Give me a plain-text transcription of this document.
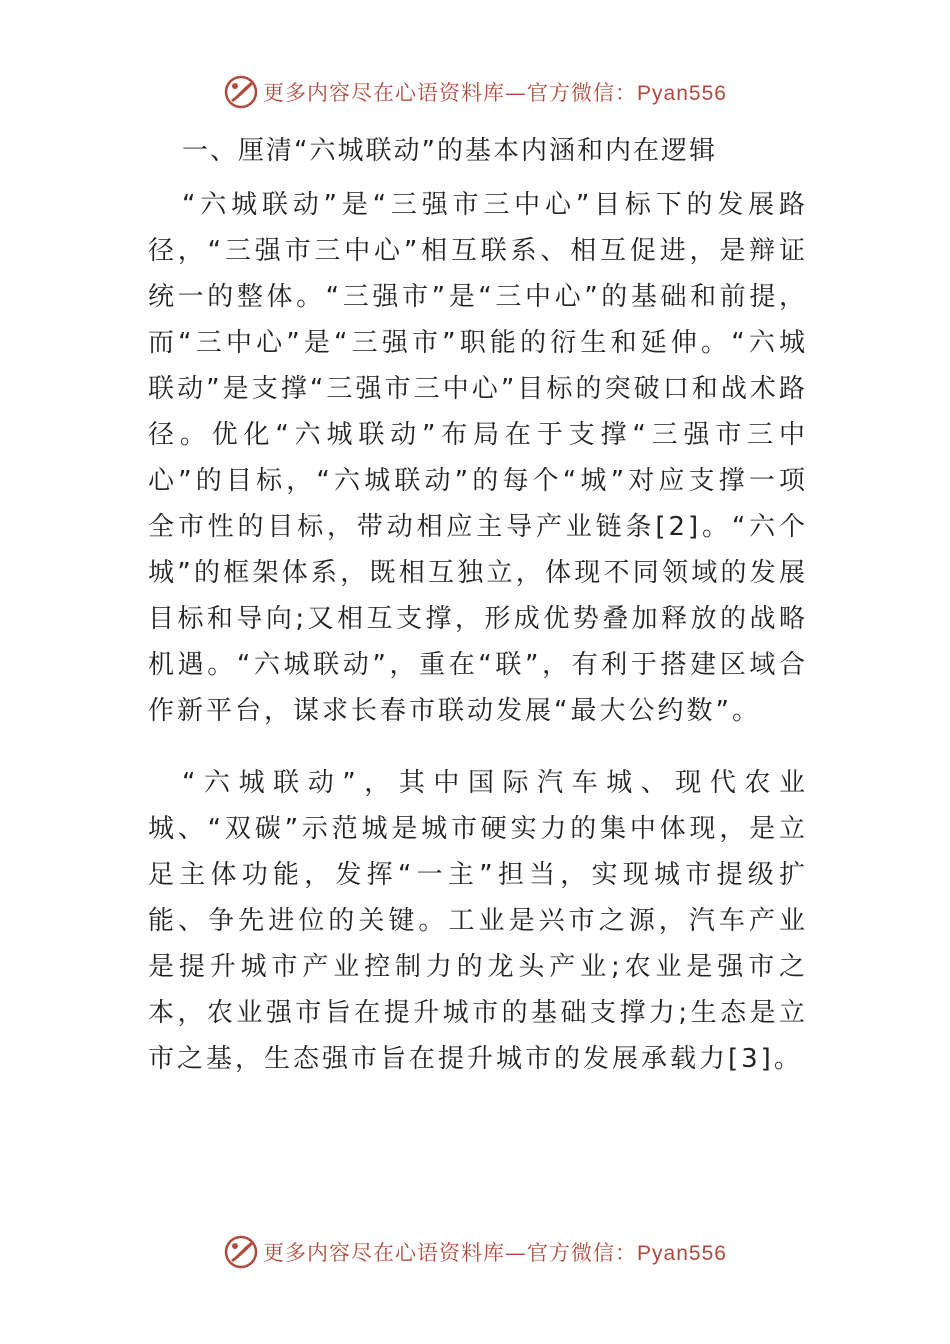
更多内容尽在心语资料库—官方微信：Pyan556

一、厘清“六城联动”的基本内涵和内在逻辑

“六城联动”是“三强市三中心”目标下的发展路径，“三强市三中心”相互联系、相互促进，是辩证统一的整体。“三强市”是“三中心”的基础和前提，而“三中心”是“三强市”职能的衍生和延伸。“六城联动”是支撑“三强市三中心”目标的突破口和战术路径。优化“六城联动”布局在于支撑“三强市三中心”的目标，“六城联动”的每个“城”对应支撑一项全市性的目标，带动相应主导产业链条[2]。“六个城”的框架体系，既相互独立，体现不同领域的发展目标和导向;又相互支撑，形成优势叠加释放的战略机遇。“六城联动”，重在“联”，有利于搭建区域合作新平台，谋求长春市联动发展“最大公约数”。

“六城联动”，其中国际汽车城、现代农业城、“双碳”示范城是城市硬实力的集中体现，是立足主体功能，发挥“一主”担当，实现城市提级扩能、争先进位的关键。工业是兴市之源，汽车产业是提升城市产业控制力的龙头产业;农业是强市之本，农业强市旨在提升城市的基础支撑力;生态是立市之基，生态强市旨在提升城市的发展承载力[3]。

更多内容尽在心语资料库—官方微信：Pyan556
